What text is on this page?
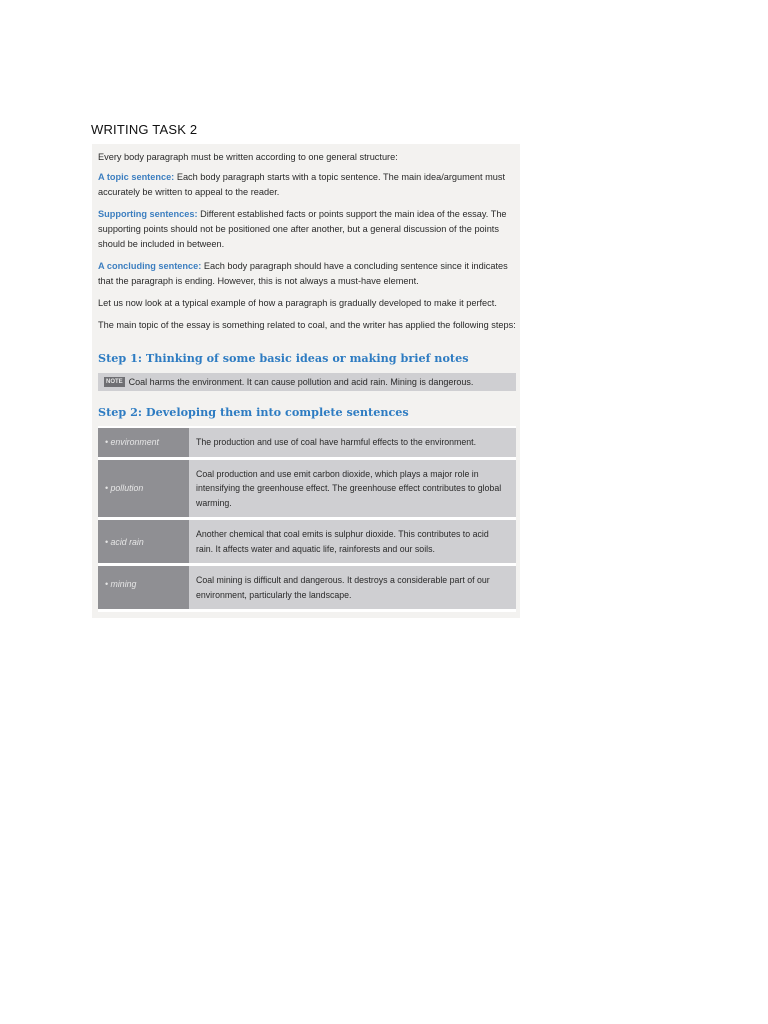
WRITING TASK 2

Every body paragraph must be written according to one general structure:

A topic sentence: Each body paragraph starts with a topic sentence. The main idea/argument must accurately be written to appeal to the reader.

Supporting sentences: Different established facts or points support the main idea of the essay. The supporting points should not be positioned one after another, but a general discussion of the points should be included in between.

A concluding sentence: Each body paragraph should have a concluding sentence since it indicates that the paragraph is ending. However, this is not always a must-have element.

Let us now look at a typical example of how a paragraph is gradually developed to make it perfect.

The main topic of the essay is something related to coal, and the writer has applied the following steps:

Step 1: Thinking of some basic ideas or making brief notes
NOTE Coal harms the environment. It can cause pollution and acid rain. Mining is dangerous.
Step 2: Developing them into complete sentences
• environment	The production and use of coal have harmful effects to the environment.
• pollution
Coal production and use emit carbon dioxide, which plays a major role in intensifying the greenhouse effect. The greenhouse effect contributes to global warming.
• acid rain
Another chemical that coal emits is sulphur dioxide. This contributes to acid rain. It affects water and aquatic life, rainforests and our soils.
• mining	Coal mining is difficult and dangerous. It destroys a considerable part of our environment, particularly the landscape.
